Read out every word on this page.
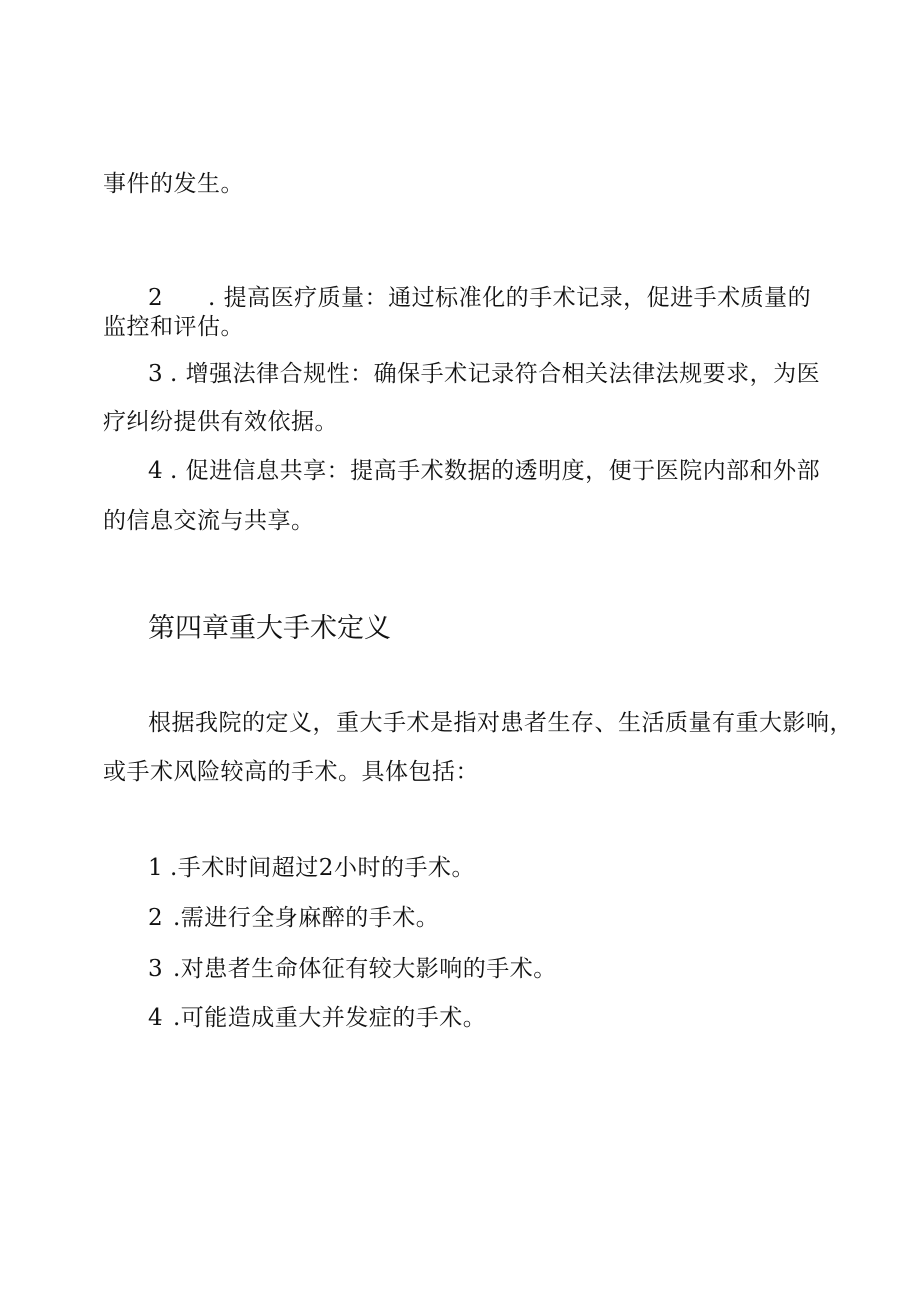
事件的发生。
2 . 提高医疗质量：通过标准化的手术记录，促进手术质量的
监控和评估。
3 . 增强法律合规性：确保手术记录符合相关法律法规要求，为医
疗纠纷提供有效依据。
4 . 促进信息共享：提高手术数据的透明度，便于医院内部和外部
的信息交流与共享。
第四章重大手术定义
根据我院的定义，重大手术是指对患者生存、生活质量有重大影响，
或手术风险较高的手术。具体包括：
1 .手术时间超过2小时的手术。
2 .需进行全身麻醉的手术。
3 .对患者生命体征有较大影响的手术。
4 .可能造成重大并发症的手术。
